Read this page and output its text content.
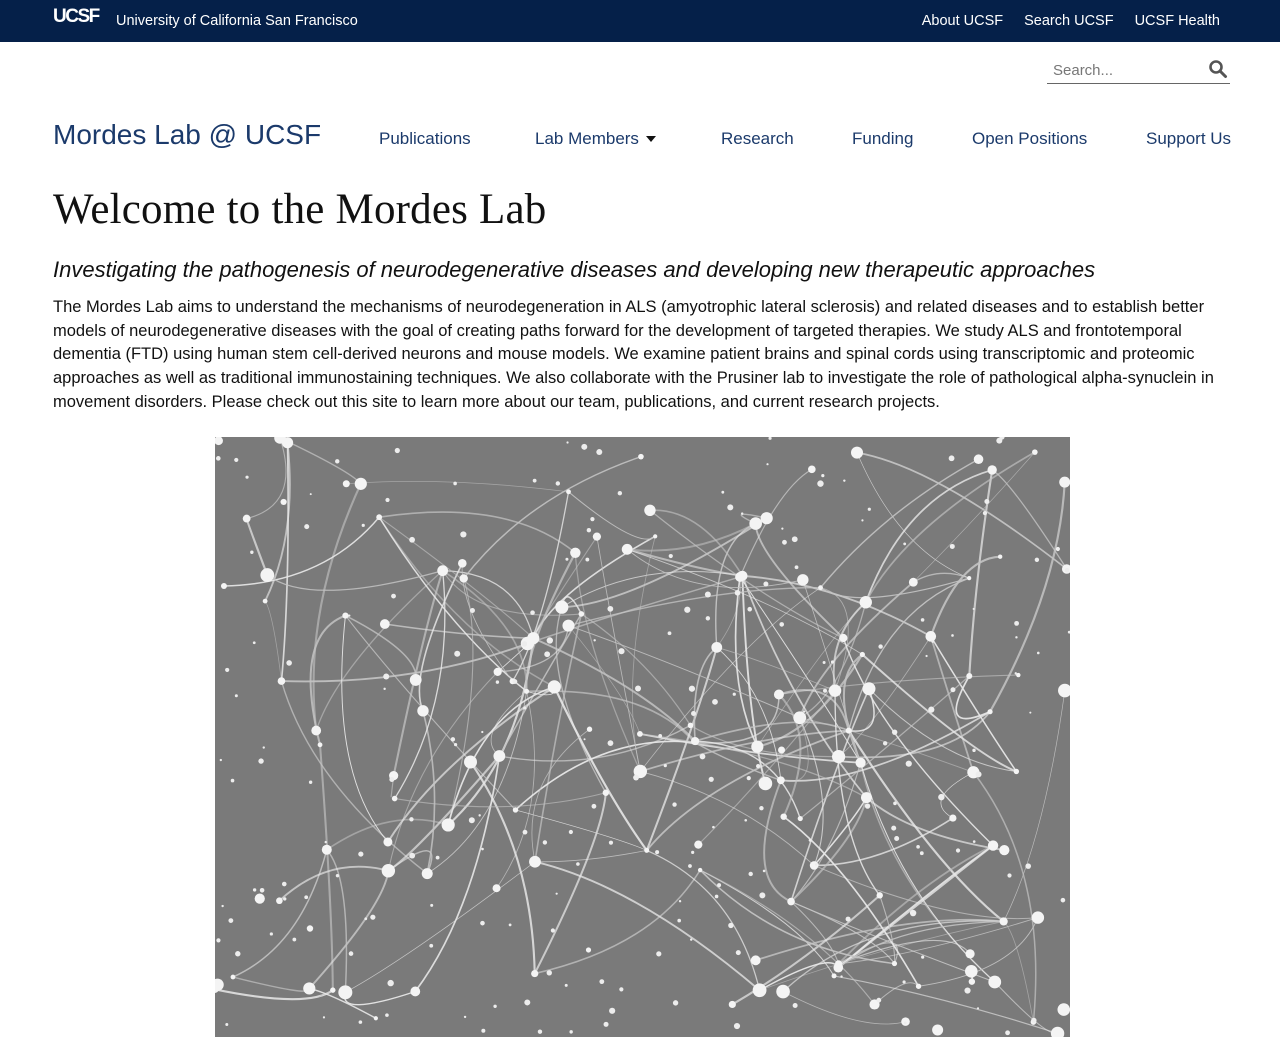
UCSF University of California San Francisco	About UCSF Search UCSF UCSF Health
Search...
Mordes Lab @ UCSF	Publications	Lab Members	Research	Funding	Open Positions	Support Us
Welcome to the Mordes Lab
Investigating the pathogenesis of neurodegenerative diseases and developing new therapeutic approaches

The Mordes Lab aims to understand the mechanisms of neurodegeneration in ALS (amyotrophic lateral sclerosis) and related diseases and to establish better models of neurodegenerative diseases with the goal of creating paths forward for the development of targeted therapies. We study ALS and frontotemporal dementia (FTD) using human stem cell-derived neurons and mouse models. We examine patient brains and spinal cords using transcriptomic and proteomic approaches as well as traditional immunostaining techniques. We also collaborate with the Prusiner lab to investigate the role of pathological alpha-synuclein in movement disorders. Please check out this site to learn more about our team, publications, and current research projects.
